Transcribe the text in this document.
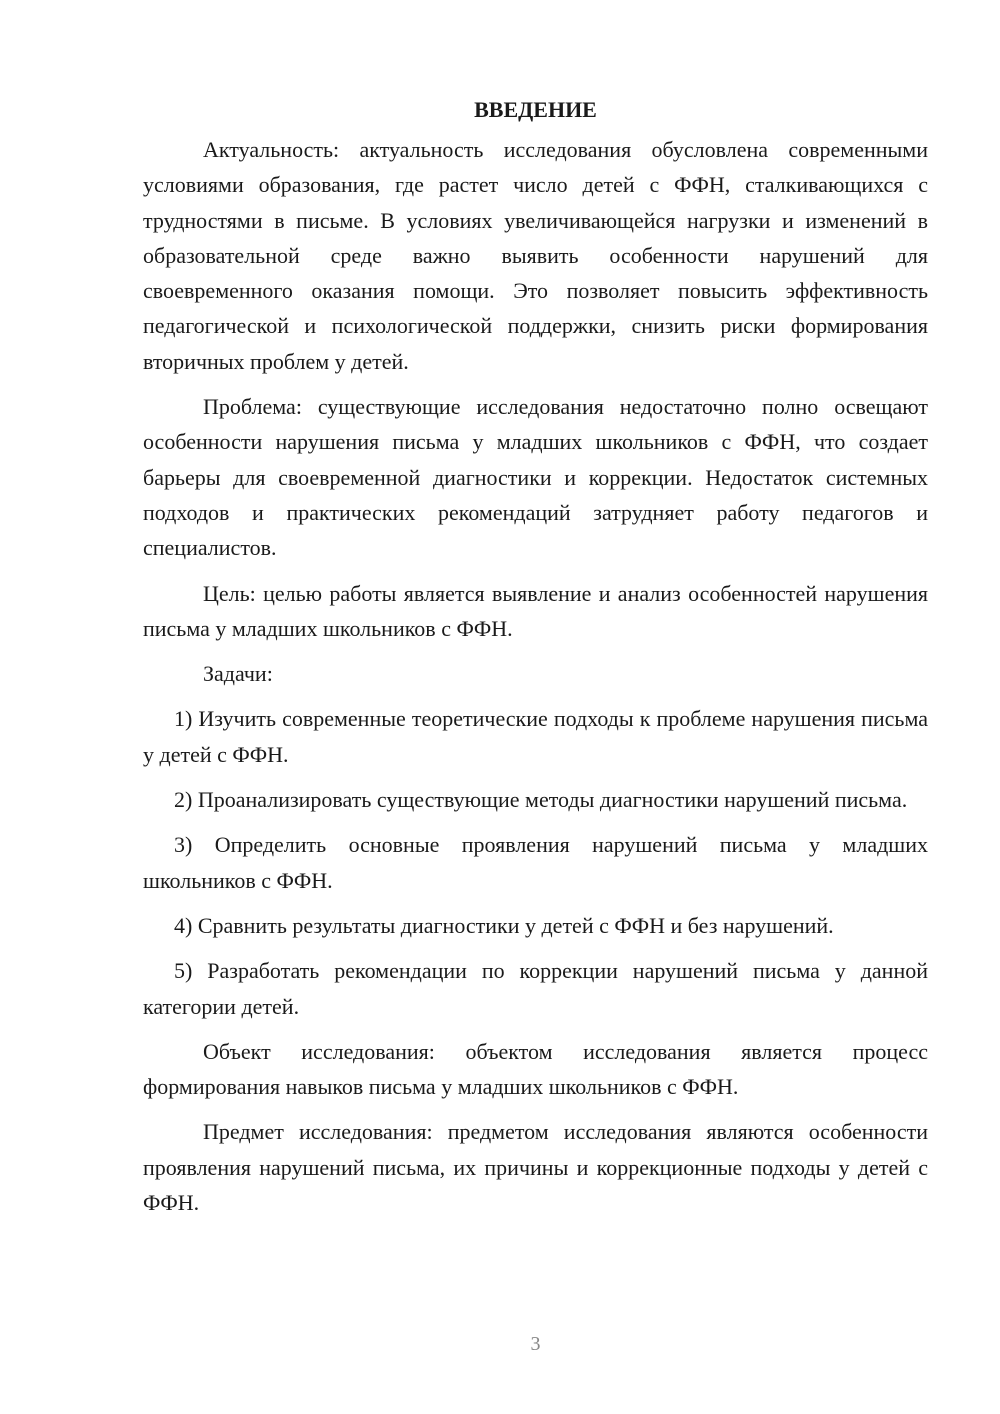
ВВЕДЕНИЕ

Актуальность: актуальность исследования обусловлена современными условиями образования, где растет число детей с ФФН, сталкивающихся с трудностями в письме. В условиях увеличивающейся нагрузки и изменений в образовательной среде важно выявить особенности нарушений для своевременного оказания помощи. Это позволяет повысить эффективность педагогической и психологической поддержки, снизить риски формирования вторичных проблем у детей.

Проблема: существующие исследования недостаточно полно освещают особенности нарушения письма у младших школьников с ФФН, что создает барьеры для своевременной диагностики и коррекции. Недостаток системных подходов и практических рекомендаций затрудняет работу педагогов и специалистов.

Цель: целью работы является выявление и анализ особенностей нарушения письма у младших школьников с ФФН.

Задачи:

1) Изучить современные теоретические подходы к проблеме нарушения письма у детей с ФФН.

2) Проанализировать существующие методы диагностики нарушений письма.

3) Определить основные проявления нарушений письма у младших школьников с ФФН.

4) Сравнить результаты диагностики у детей с ФФН и без нарушений.

5) Разработать рекомендации по коррекции нарушений письма у данной категории детей.

Объект исследования: объектом исследования является процесс формирования навыков письма у младших школьников с ФФН.

Предмет исследования: предметом исследования являются особенности проявления нарушений письма, их причины и коррекционные подходы у детей с ФФН.

3
